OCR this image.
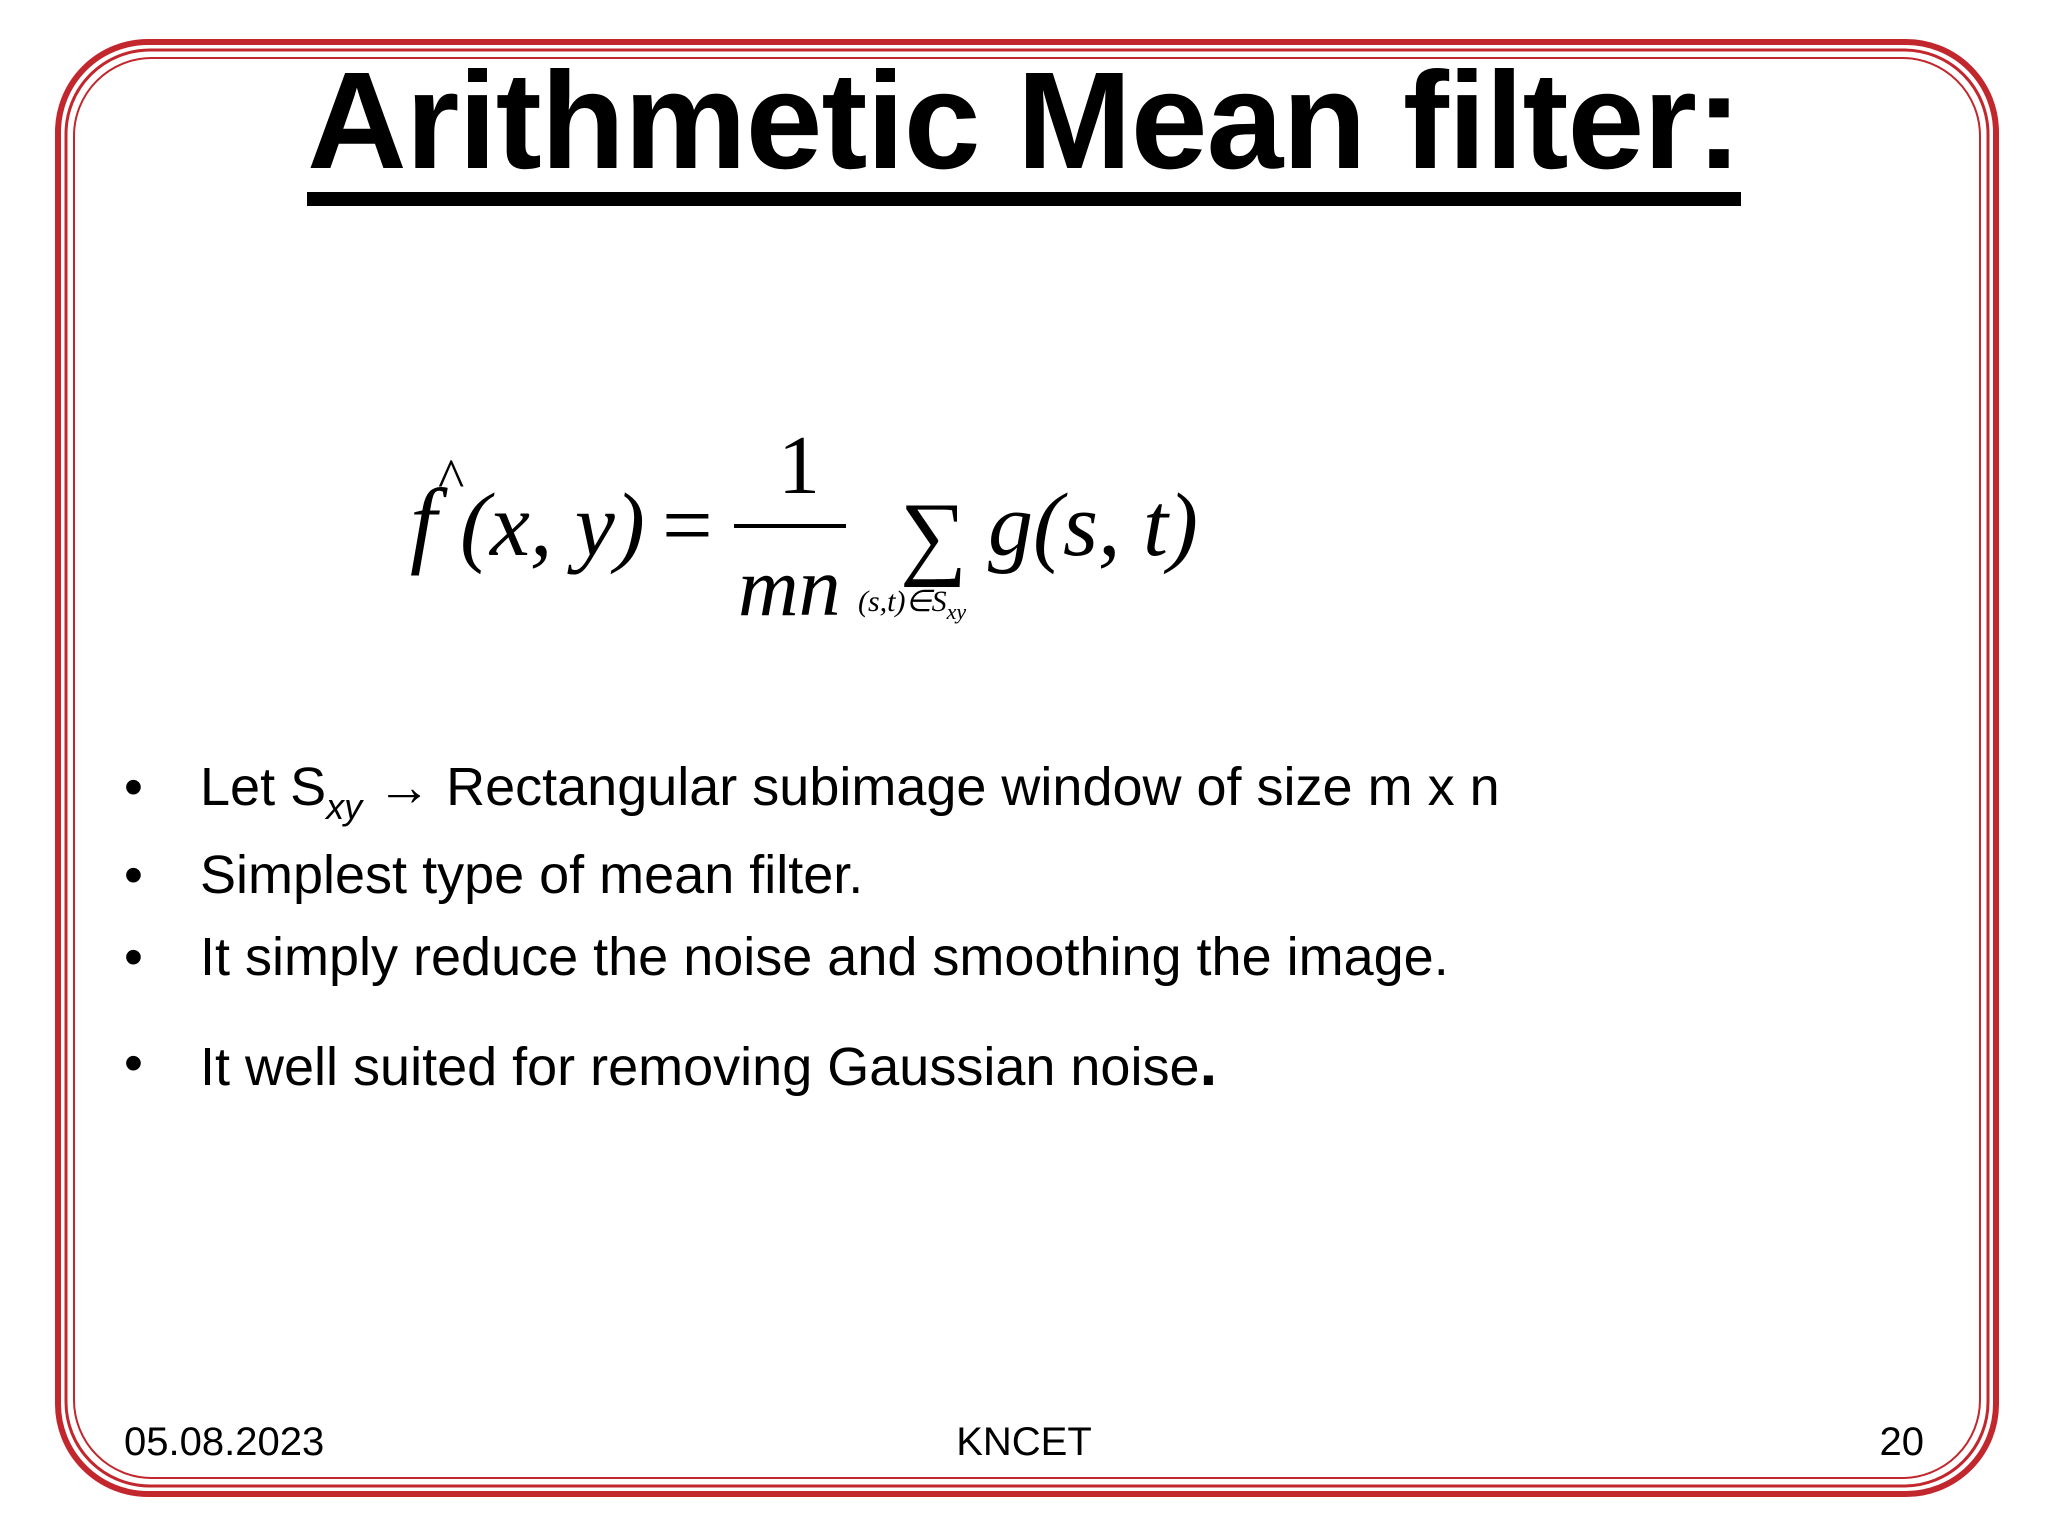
Arithmetic Mean filter:
f ^
(x, y) =
1
mn ∑
$(s,t)\in S_{xy}$
g(s, t)
• Let $S_{xy}$ → Rectangular subimage window of size m x n
• Simplest type of mean filter.
• It simply reduce the noise and smoothing the image.
• It well suited for removing Gaussian noise.
05.08.2023	KNCET	20
